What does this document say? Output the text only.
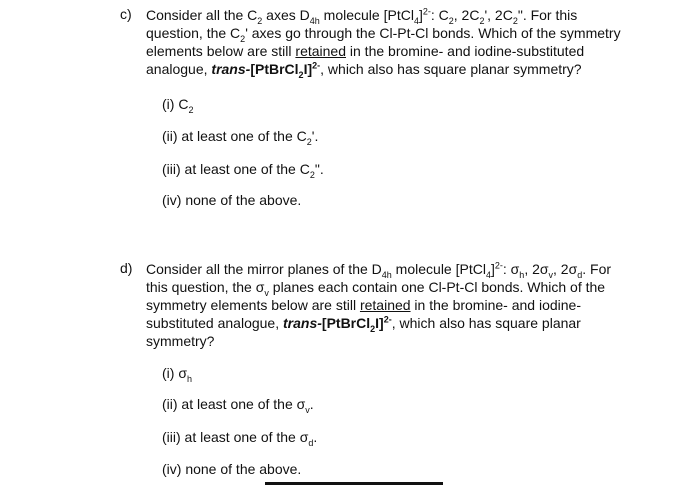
c) Consider all the $C_2$ axes $D_{4h}$ molecule [PtCl$_4$]$^{2-}$: $C_2$, $2C_2'$, $2C_2$". For this
question, the $C_2'$ axes go through the Cl-Pt-Cl bonds. Which of the symmetry
elements below are still retained in the bromine- and iodine-substituted
analogue, trans-[PtBrCl$_2$I]$^{2-}$, which also has square planar symmetry?
(i) $C_2$
(ii) at least one of the $C_2'$.
(iii) at least one of the $C_2$".
(iv) none of the above.
d) Consider all the mirror planes of the $D_{4h}$ molecule [PtCl$_4$]$^{2-}$: $\sigma_h$, $2\sigma_v$, $2\sigma_d$. For
this question, the $\sigma_v$ planes each contain one Cl-Pt-Cl bonds. Which of the
symmetry elements below are still retained in the bromine- and iodine-
substituted analogue, trans-[PtBrCl$_2$I]$^{2-}$, which also has square planar
symmetry?
(i) $\sigma_h$
(ii) at least one of the $\sigma_v$.
(iii) at least one of the $\sigma_d$.
(iv) none of the above.
